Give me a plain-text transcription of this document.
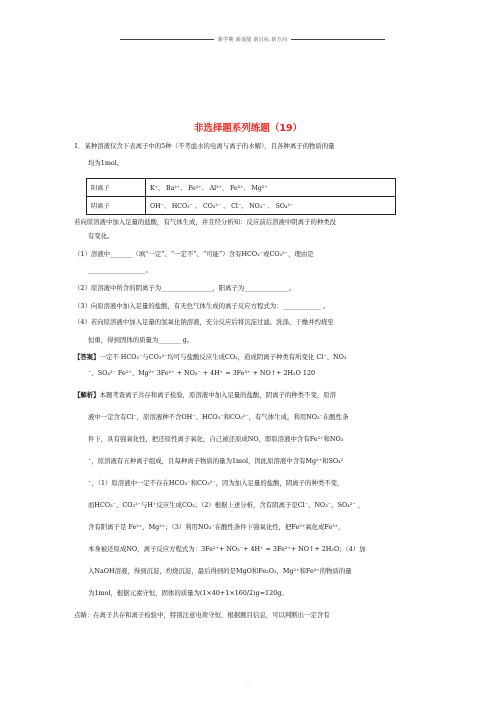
新学期 新成绩 新目标 新方向
非选择题系列练题（19）
1．某种溶液仅含下表离子中的5种（不考虑水的电离与离子的水解），且各种离子的物质的量
均为1mol。
阳离子	K⁺、 Ba²⁺、 Fe²⁺、 Al³⁺、 Fe³⁺、 Mg²⁺
阴离子	OH⁻、 HCO₃⁻ 、 CO₃²⁻ 、 Cl⁻、 NO₃⁻ 、 SO₄²⁻
若向原溶液中加入足量的盐酸，有气体生成，并且经分析知：反应前后溶液中阴离子的种类没
有变化。
（1）溶液中_______（填“一定”、“一定不”、“可能”）含有HCO₃⁻或CO₃²⁻，理由是
__________________。
（2）原溶液中所含的阴离子为________________，阳离子为______________。
（3）向原溶液中加入足量的盐酸，有无色气体生成的离子反应方程式为：____________ 。
（4）若向原溶液中加入足量的氢氧化钠溶液，充分反应后将沉淀过滤、洗涤、干燥并灼烧至
恒重，得到固体的质量为_______ g。
【答案】一定不 HCO₃⁻与CO₃²⁻均可与盐酸反应生成CO₂，造成阴离子种类有所变化 Cl⁻、NO₃
⁻、SO₄²⁻ Fe²⁺、Mg²⁺ 3Fe²⁺ + NO₃⁻ + 4H⁺ = 3Fe³⁺ + NO↑+ 2H₂O 120
【解析】本题考查离子共存和离子检验，原溶液中加入足量的盐酸，阴离子的种类不变，原溶
液中一定含有Cl⁻，原溶液种不含OH⁻、HCO₃⁻和CO₃²⁻，有气体生成，利用NO₃⁻在酸性条
件下，具有强氧化性，把还原性离子氧化，自己被还原成NO，即原溶液中含有Fe²⁺和NO₃
⁻，原溶液有五种离子组成，且每种离子物质的量为1mol，因此原溶液中含有Mg²⁺和SO₄²
⁻，（1）原溶液中一定不存在HCO₃⁻和CO₃²⁻，因为加入足量的盐酸，阴离子的种类不变，
而HCO₃⁻、CO₃²⁻与H⁺反应生成CO₂；（2）根据上述分析，含有阴离子是Cl⁻、NO₃⁻、SO₄²⁻ ，
含有阳离子是 Fe²⁺、Mg²⁺；（3）利用NO₃⁻在酸性条件下强氧化性，把Fe²⁺氧化成Fe³⁺，
本身被还原成NO，离子反应方程式为：3Fe²⁺+ NO₃⁻+ 4H⁺ = 3Fe³⁺+ NO↑+ 2H₂O；（4）加
入NaOH溶液，得到沉淀，灼烧沉淀，最后得到的是MgO和Fe₂O₃，Mg²⁺和Fe²⁺的物质的量
为1mol，根据元素守恒，固体的质量为(1×40+1×160/2)g=120g。
点睛：在离子共存和离子检验中，特别注意电荷守恒，根据题目信息，可以判断出一定含有
- -
